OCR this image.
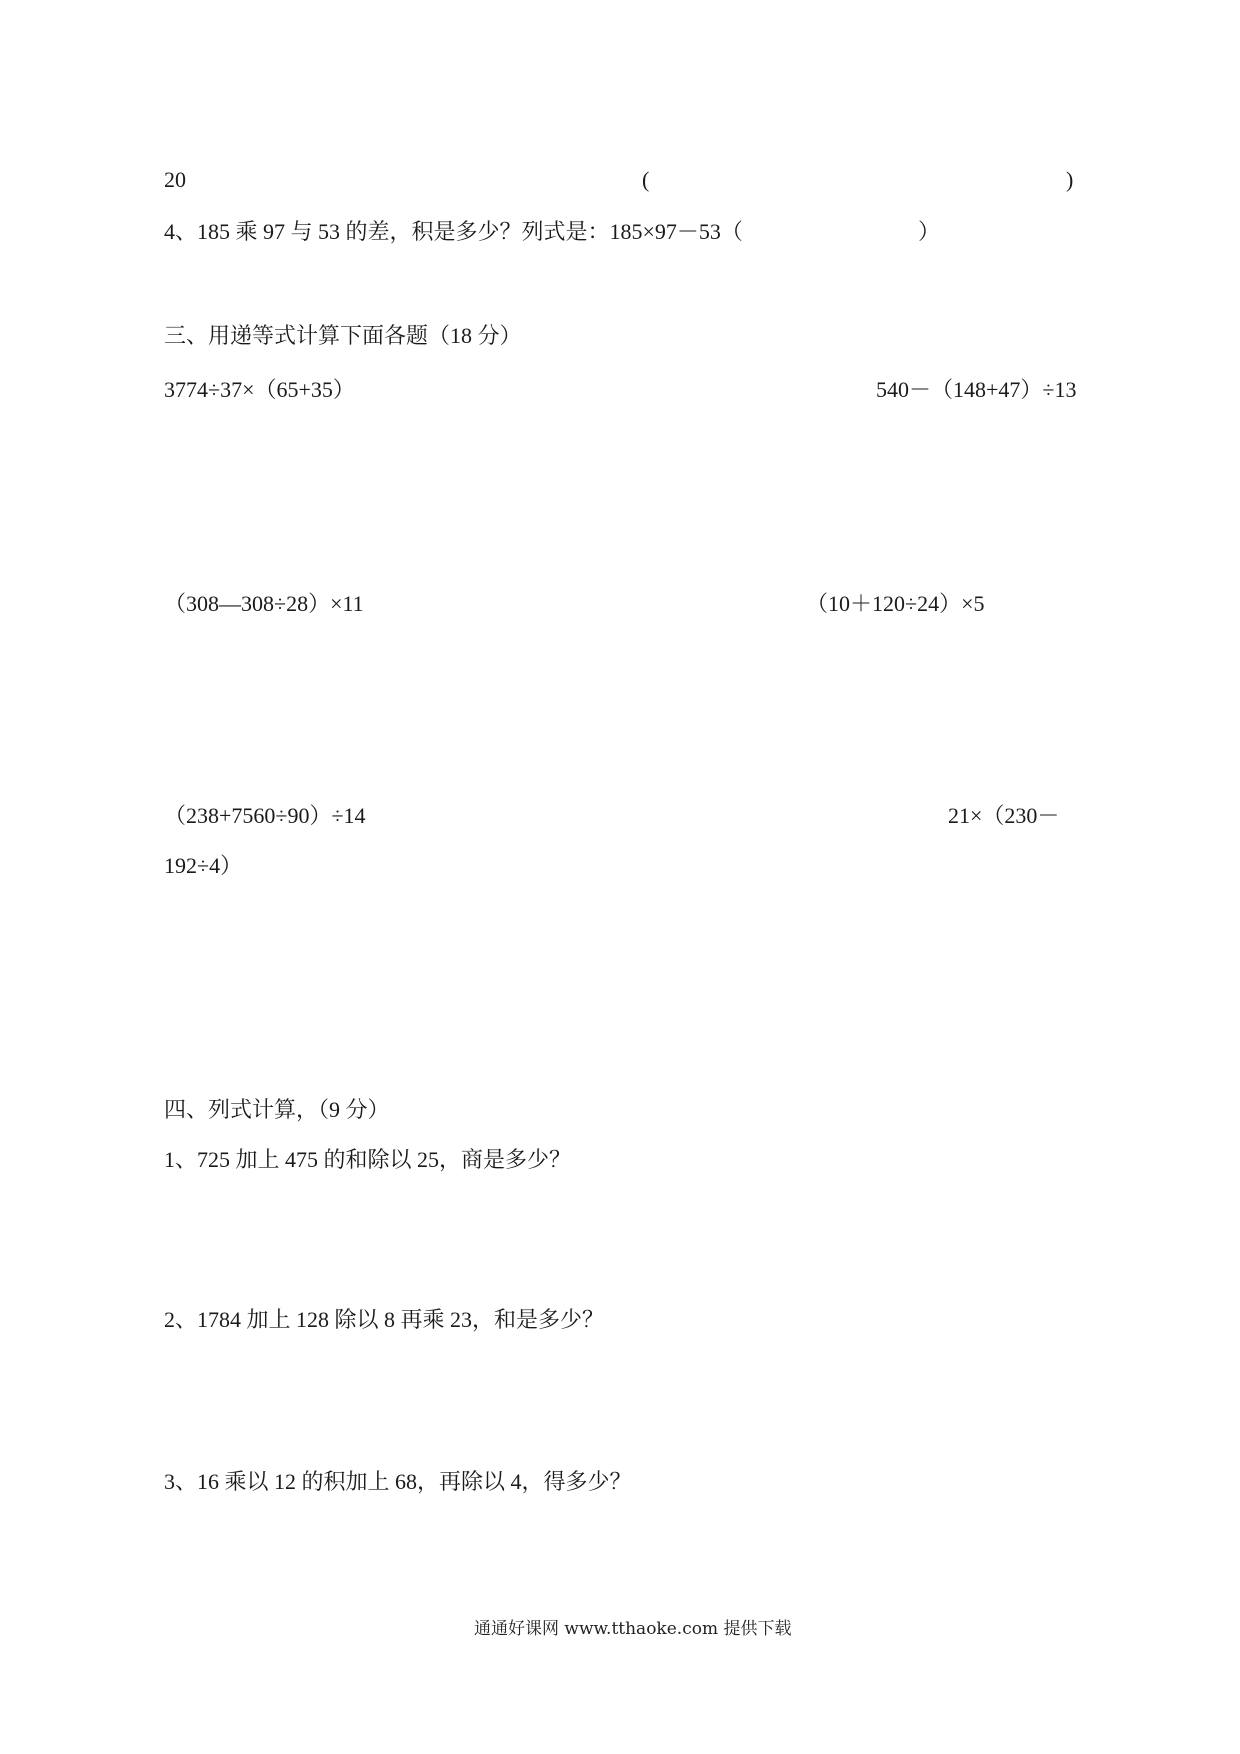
20	(	)
4、185 乘 97 与 53 的差，积是多少？列式是：185×97－53（	）
三、用递等式计算下面各题（18 分）
3774÷37×（65+35）	540－（148+47）÷13
（308—308÷28）×11	（10＋120÷24）×5
（238+7560÷90）÷14	21×（230－
192÷4）
四、列式计算，（9 分）
1、725 加上 475 的和除以 25，商是多少？
2、1784 加上 128 除以 8 再乘 23，和是多少？
3、16 乘以 12 的积加上 68，再除以 4，得多少？
通通好课网 www.tthaoke.com 提供下载
